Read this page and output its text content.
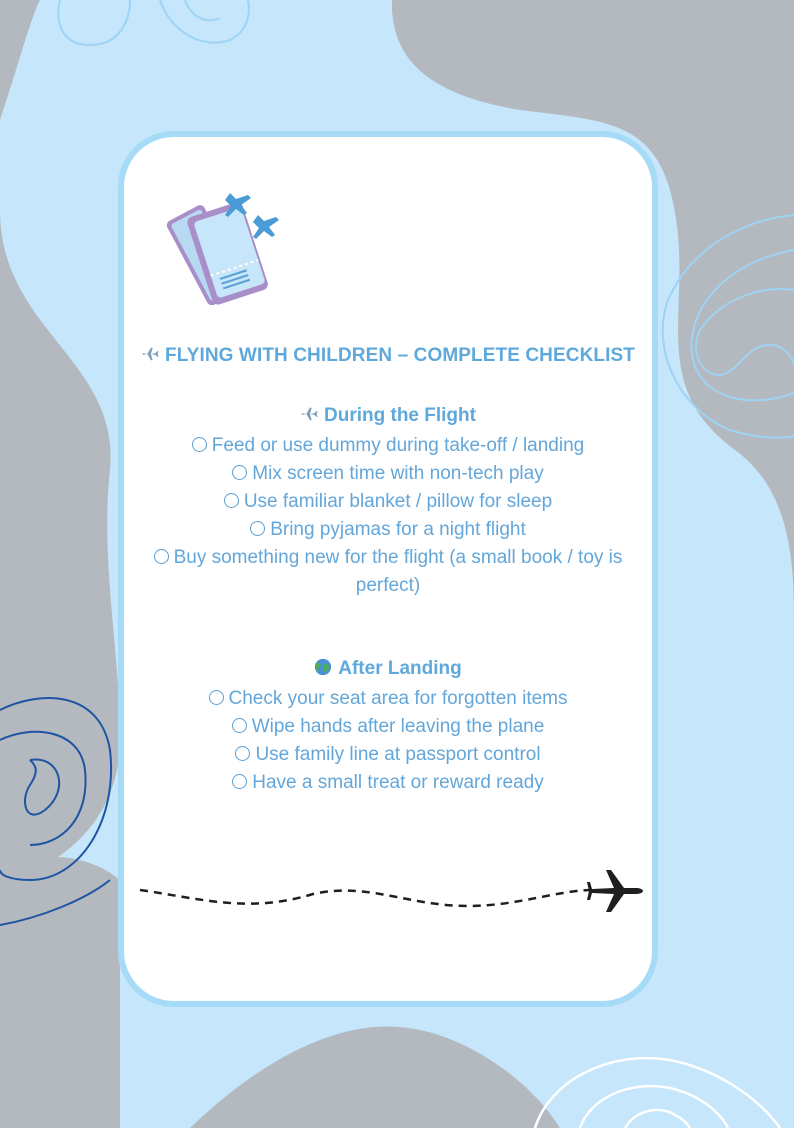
FLYING WITH CHILDREN – COMPLETE CHECKLIST
During the Flight
Feed or use dummy during take-off / landing
Mix screen time with non-tech play
Use familiar blanket / pillow for sleep
Bring pyjamas for a night flight
Buy something new for the flight (a small book / toy is perfect)
After Landing
Check your seat area for forgotten items
Wipe hands after leaving the plane
Use family line at passport control
Have a small treat or reward ready
